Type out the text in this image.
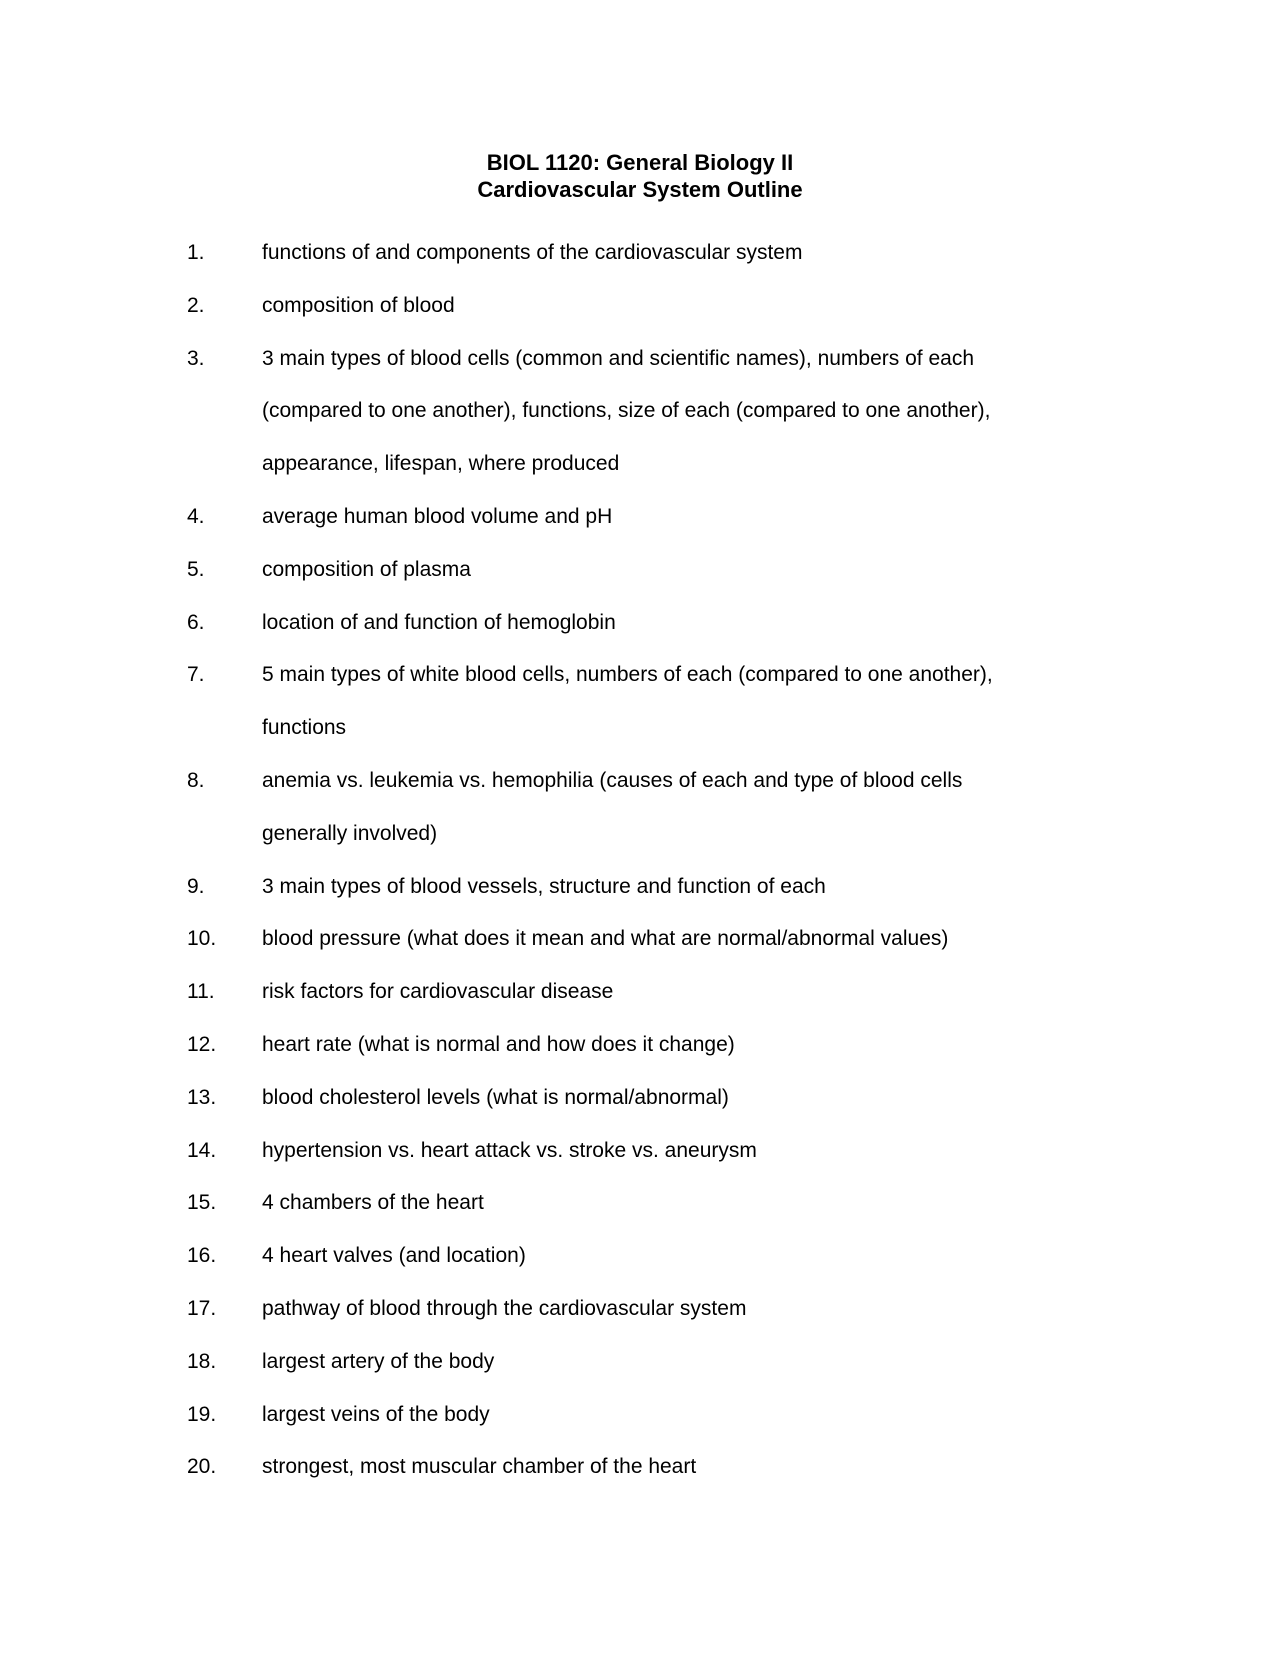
BIOL 1120: General Biology II
Cardiovascular System Outline
1.	functions of and components of the cardiovascular system
2.	composition of blood
3.	3 main types of blood cells (common and scientific names), numbers of each
(compared to one another), functions, size of each (compared to one another),
appearance, lifespan, where produced
4.	average human blood volume and pH
5.	composition of plasma
6.	location of and function of hemoglobin
7.	5 main types of white blood cells, numbers of each (compared to one another),
functions
8.	anemia vs. leukemia vs. hemophilia (causes of each and type of blood cells
generally involved)
9.	3 main types of blood vessels, structure and function of each
10. blood pressure (what does it mean and what are normal/abnormal values)
11. risk factors for cardiovascular disease
12. heart rate (what is normal and how does it change)
13. blood cholesterol levels (what is normal/abnormal)
14. hypertension vs. heart attack vs. stroke vs. aneurysm
15. 4 chambers of the heart
16. 4 heart valves (and location)
17. pathway of blood through the cardiovascular system
18. largest artery of the body
19. largest veins of the body
20. strongest, most muscular chamber of the heart
